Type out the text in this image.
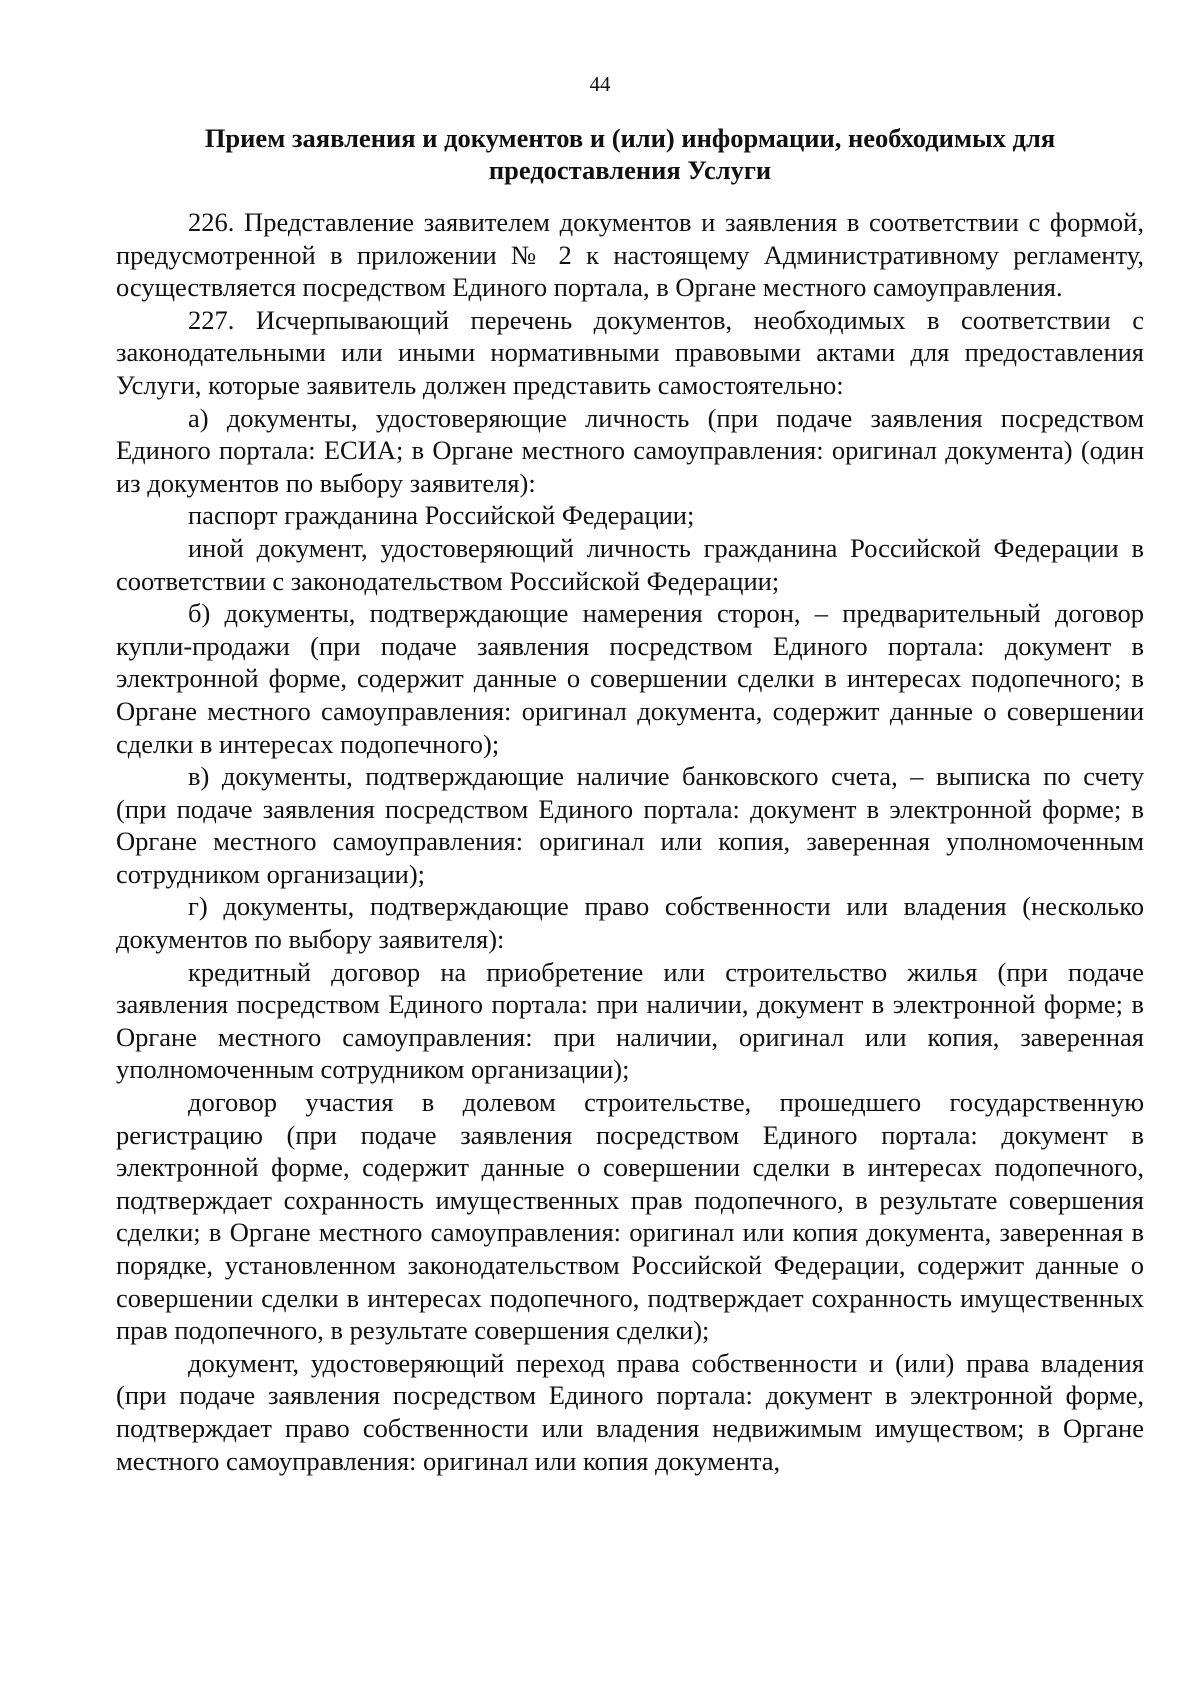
44
Прием заявления и документов и (или) информации, необходимых для
предоставления Услуги

226. Представление заявителем документов и заявления в соответствии с формой, предусмотренной в приложении № 2 к настоящему Административному регламенту, осуществляется посредством Единого портала, в Органе местного самоуправления.

227. Исчерпывающий перечень документов, необходимых в соответствии с законодательными или иными нормативными правовыми актами для предоставления Услуги, которые заявитель должен представить самостоятельно:

а) документы, удостоверяющие личность (при подаче заявления посредством Единого портала: ЕСИА; в Органе местного самоуправления: оригинал документа) (один из документов по выбору заявителя):

паспорт гражданина Российской Федерации;

иной документ, удостоверяющий личность гражданина Российской Федерации в соответствии с законодательством Российской Федерации;

б) документы, подтверждающие намерения сторон, – предварительный договор купли-продажи (при подаче заявления посредством Единого портала: документ в электронной форме, содержит данные о совершении сделки в интересах подопечного; в Органе местного самоуправления: оригинал документа, содержит данные о совершении сделки в интересах подопечного);

в) документы, подтверждающие наличие банковского счета, – выписка по счету (при подаче заявления посредством Единого портала: документ в электронной форме; в Органе местного самоуправления: оригинал или копия, заверенная уполномоченным сотрудником организации);

г) документы, подтверждающие право собственности или владения (несколько документов по выбору заявителя):

кредитный договор на приобретение или строительство жилья (при подаче заявления посредством Единого портала: при наличии, документ в электронной форме; в Органе местного самоуправления: при наличии, оригинал или копия, заверенная уполномоченным сотрудником организации);

договор участия в долевом строительстве, прошедшего государственную регистрацию (при подаче заявления посредством Единого портала: документ в электронной форме, содержит данные о совершении сделки в интересах подопечного, подтверждает сохранность имущественных прав подопечного, в результате совершения сделки; в Органе местного самоуправления: оригинал или копия документа, заверенная в порядке, установленном законодательством Российской Федерации, содержит данные о совершении сделки в интересах подопечного, подтверждает сохранность имущественных прав подопечного, в результате совершения сделки);

документ, удостоверяющий переход права собственности и (или) права владения (при подаче заявления посредством Единого портала: документ в электронной форме, подтверждает право собственности или владения недвижимым имуществом; в Органе местного самоуправления: оригинал или копия документа,
